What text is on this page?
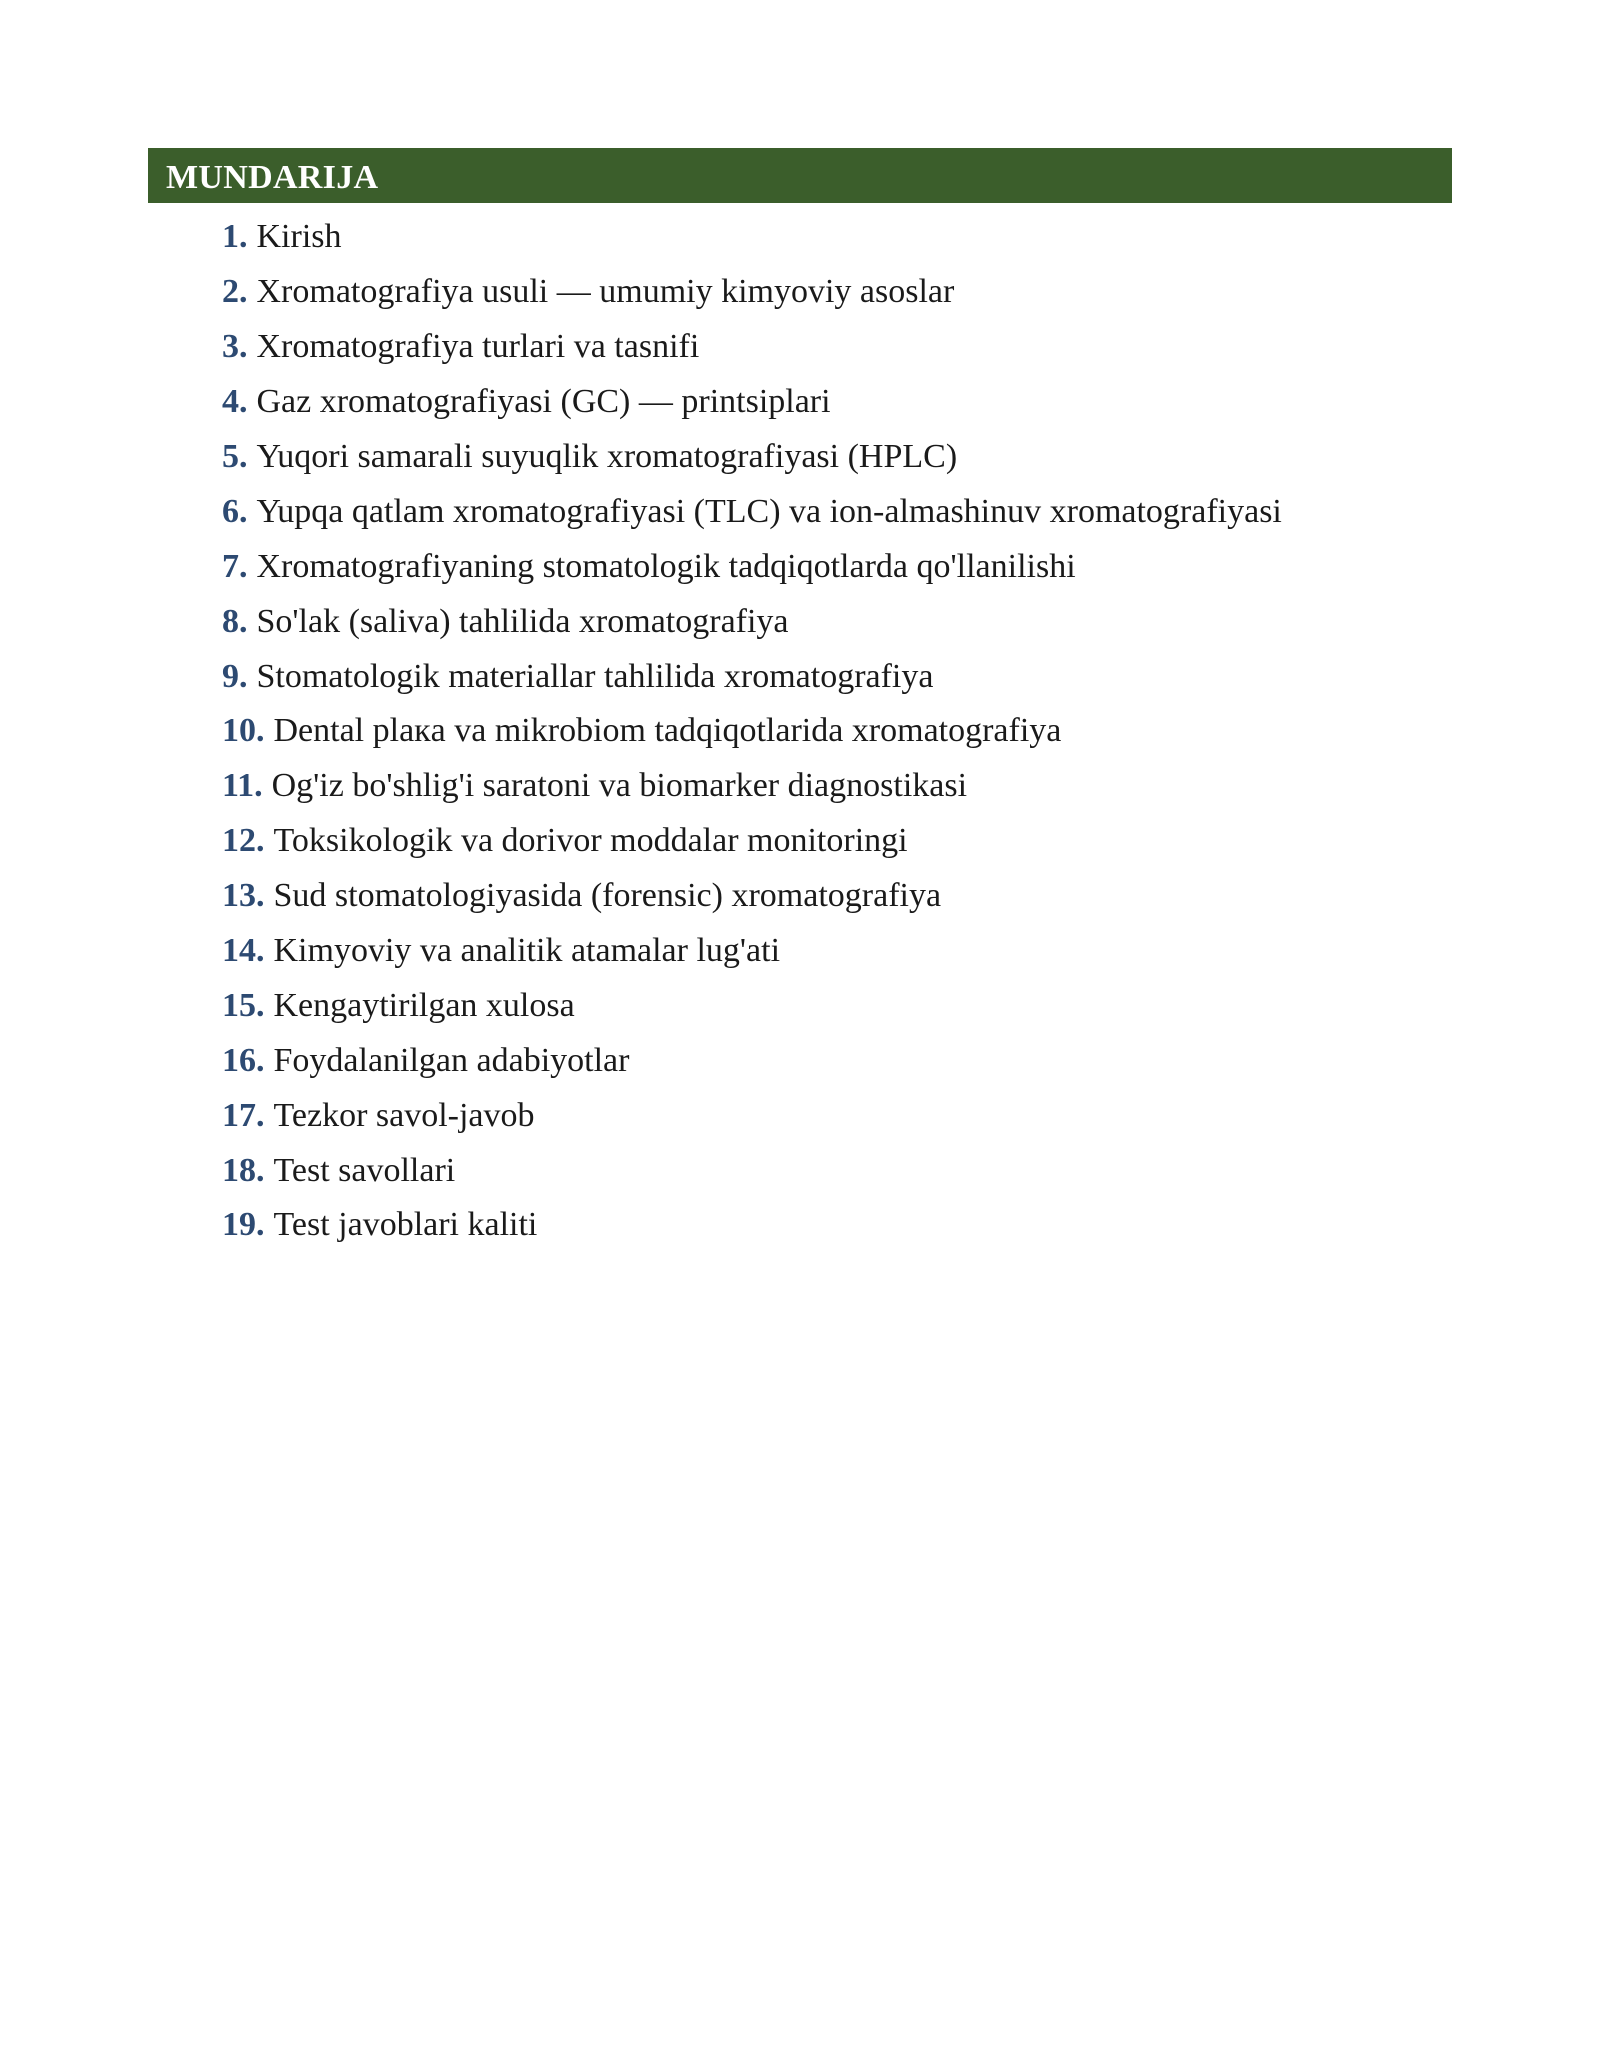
MUNDARIJA
1. Kirish
2. Xromatografiya usuli — umumiy kimyoviy asoslar
3. Xromatografiya turlari va tasnifi
4. Gaz xromatografiyasi (GC) — printsiplari
5. Yuqori samarali suyuqlik xromatografiyasi (HPLC)
6. Yupqa qatlam xromatografiyasi (TLC) va ion-almashinuv xromatografiyasi
7. Xromatografiyaning stomatologik tadqiqotlarda qo'llanilishi
8. So'lak (saliva) tahlilida xromatografiya
9. Stomatologik materiallar tahlilida xromatografiya
10. Dental plaкa va mikrobiom tadqiqotlarida xromatografiya
11. Og'iz bo'shlig'i saratoni va biomarker diagnostikasi
12. Toksikologik va dorivor moddalar monitoringi
13. Sud stomatologiyasida (forensic) xromatografiya
14. Kimyoviy va analitik atamalar lug'ati
15. Kengaytirilgan xulosa
16. Foydalanilgan adabiyotlar
17. Tezkor savol-javob
18. Test savollari
19. Test javoblari kaliti
